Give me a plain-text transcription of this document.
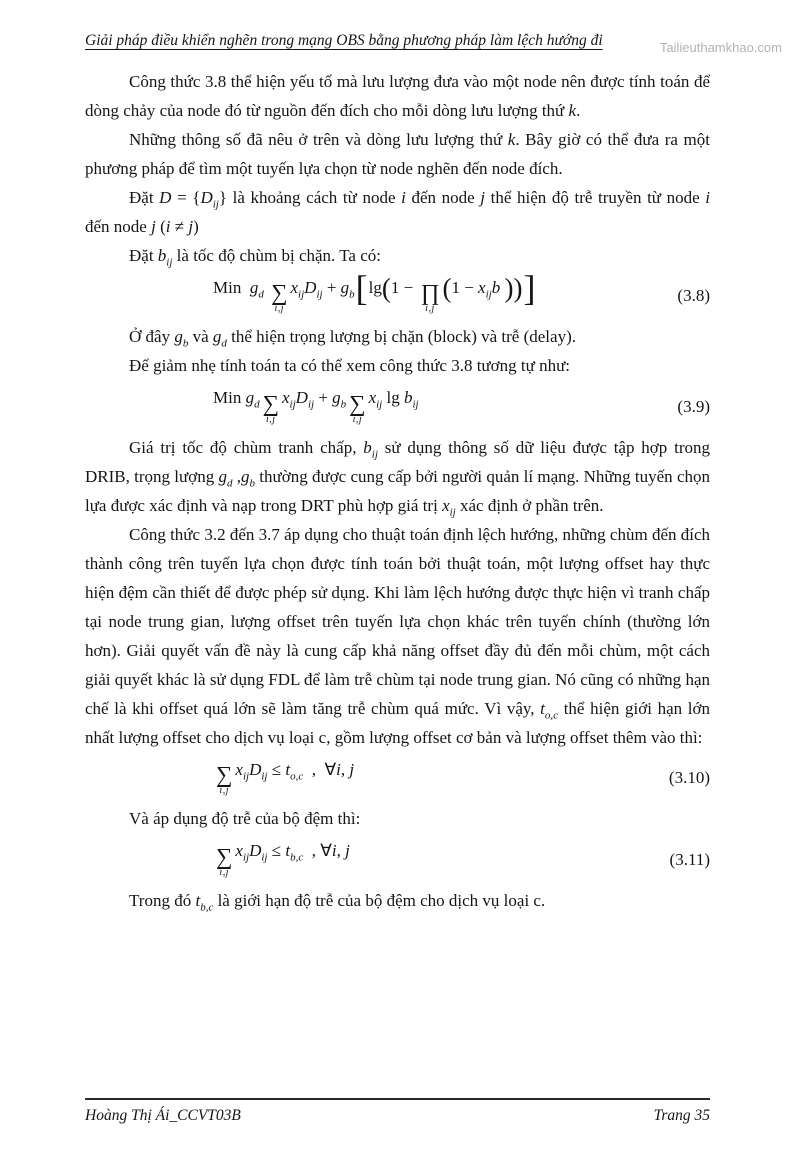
Tailieuthamkhao.com
Giải pháp điều khiển nghẽn trong mạng OBS bằng phương pháp làm lệch hướng đi

Công thức 3.8 thể hiện yếu tố mà lưu lượng đưa vào một node nên được tính toán để dòng chảy của node đó từ nguồn đến đích cho mỗi dòng lưu lượng thứ k.

Những thông số đã nêu ở trên và dòng lưu lượng thứ k. Bây giờ có thể đưa ra một phương pháp để tìm một tuyến lựa chọn từ node nghẽn đến node đích.

Đặt $D = \{D_{ij}\}$ là khoảng cách từ node i đến node j thể hiện độ trễ truyền từ node i đến node j (i ≠ j)

Đặt $b_{ij}$ là tốc độ chùm bị chặn. Ta có:

Min  $g_d$ ∑
i,j
$x_{ij}D_{ij} + g_b[\lg(1$ − ∏
i,j
($1 - x_{ij}b$ ))]	(3.8)

Ở đây $g_b$ và $g_d$ thể hiện trọng lượng bị chặn (block) và trễ (delay).

Để giảm nhẹ tính toán ta có thể xem công thức 3.8 tương tự như:

Min $g_d$ ∑
i,j
$x_{ij}D_{ij} + g_b$ ∑
i,j
$x_{ij}$ $\lg b_{ij}$	(3.9)

Giá trị tốc độ chùm tranh chấp, $b_{ij}$ sử dụng thông số dữ liệu được tập hợp trong DRIB, trọng lượng $g_d$ $,g_b$ thường được cung cấp bởi người quản lí mạng. Những tuyến chọn lựa được xác định và nạp trong DRT phù hợp giá trị $x_{ij}$ xác định ở phần trên.

Công thức 3.2 đến 3.7 áp dụng cho thuật toán định lệch hướng, những chùm đến đích thành công trên tuyến lựa chọn được tính toán bởi thuật toán, một lượng offset hay thực hiện đệm cần thiết để được phép sử dụng. Khi làm lệch hướng được thực hiện vì tranh chấp tại node trung gian, lượng offset trên tuyến lựa chọn khác trên tuyến chính (thường lớn hơn). Giải quyết vấn đề này là cung cấp khả năng offset đầy đủ đến mỗi chùm, một cách giải quyết khác là sử dụng FDL để làm trễ chùm tại node trung gian. Nó cũng có những hạn chế là khi offset quá lớn sẽ làm tăng trễ chùm quá mức. Vì vậy, $t_{o,c}$ thể hiện giới hạn lớn nhất lượng offset cho dịch vụ loại c, gồm lượng offset cơ bản và lượng offset thêm vào thì:

∑
i,j
$x_{ij}D_{ij} \le t_{o,c}$  ,  ∀i, j	(3.10)

Và áp dụng độ trễ của bộ đệm thì:

∑
i,j
$x_{ij}D_{ij} \le t_{b,c}$  , ∀i, j	(3.11)

Trong đó $t_{b,c}$ là giới hạn độ trễ của bộ đệm cho dịch vụ loại c.

Hoàng Thị Ái_CCVT03B	Trang 35
